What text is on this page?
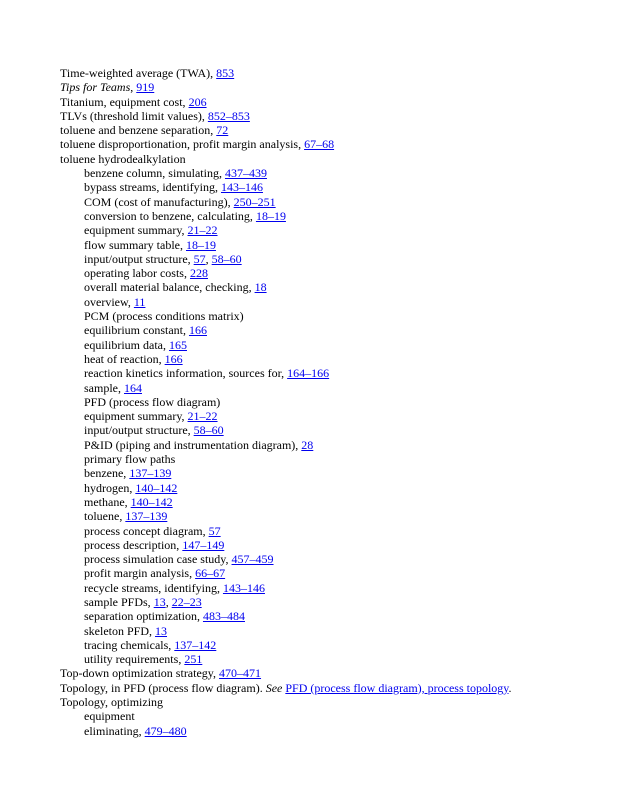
Time-weighted average (TWA), 853
Tips for Teams, 919
Titanium, equipment cost, 206
TLVs (threshold limit values), 852–853
toluene and benzene separation, 72
toluene disproportionation, profit margin analysis, 67–68
toluene hydrodealkylation
benzene column, simulating, 437–439
bypass streams, identifying, 143–146
COM (cost of manufacturing), 250–251
conversion to benzene, calculating, 18–19
equipment summary, 21–22
flow summary table, 18–19
input/output structure, 57, 58–60
operating labor costs, 228
overall material balance, checking, 18
overview, 11
PCM (process conditions matrix)
equilibrium constant, 166
equilibrium data, 165
heat of reaction, 166
reaction kinetics information, sources for, 164–166
sample, 164
PFD (process flow diagram)
equipment summary, 21–22
input/output structure, 58–60
P&ID (piping and instrumentation diagram), 28
primary flow paths
benzene, 137–139
hydrogen, 140–142
methane, 140–142
toluene, 137–139
process concept diagram, 57
process description, 147–149
process simulation case study, 457–459
profit margin analysis, 66–67
recycle streams, identifying, 143–146
sample PFDs, 13, 22–23
separation optimization, 483–484
skeleton PFD, 13
tracing chemicals, 137–142
utility requirements, 251
Top-down optimization strategy, 470–471
Topology, in PFD (process flow diagram). See PFD (process flow diagram), process topology.
Topology, optimizing
equipment
eliminating, 479–480
